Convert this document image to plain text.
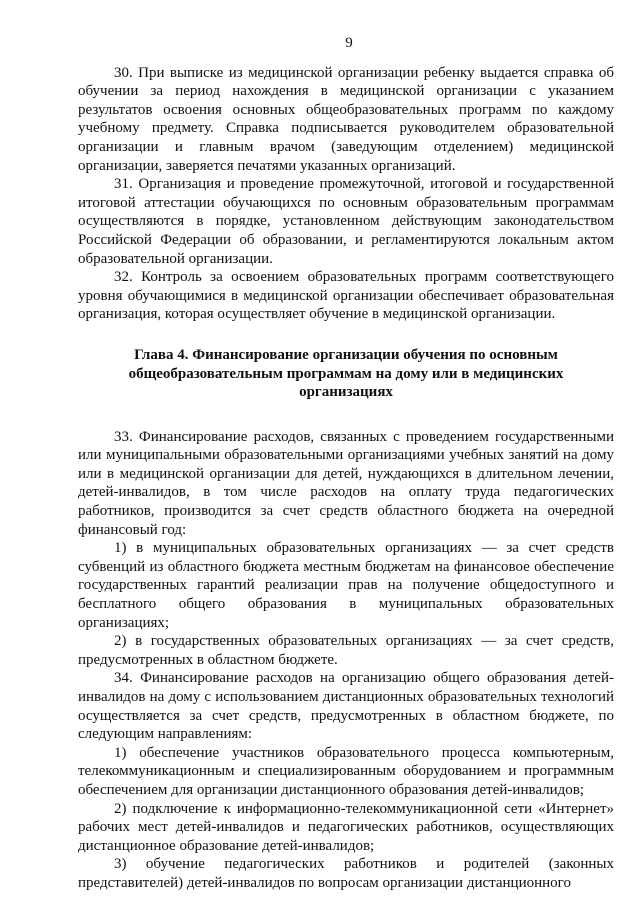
9

30. При выписке из медицинской организации ребенку выдается справка об обучении за период нахождения в медицинской организации с указанием результатов освоения основных общеобразовательных программ по каждому учебному предмету. Справка подписывается руководителем образовательной организации и главным врачом (заведующим отделением) медицинской организации, заверяется печатями указанных организаций.

31. Организация и проведение промежуточной, итоговой и государственной итоговой аттестации обучающихся по основным образовательным программам осуществляются в порядке, установленном действующим законодательством Российской Федерации об образовании, и регламентируются локальным актом образовательной организации.

32. Контроль за освоением образовательных программ соответствующего уровня обучающимися в медицинской организации обеспечивает образовательная организация, которая осуществляет обучение в медицинской организации.

Глава 4. Финансирование организации обучения по основным общеобразовательным программам на дому или в медицинских организациях

33. Финансирование расходов, связанных с проведением государственными или муниципальными образовательными организациями учебных занятий на дому или в медицинской организации для детей, нуждающихся в длительном лечении, детей-инвалидов, в том числе расходов на оплату труда педагогических работников, производится за счет средств областного бюджета на очередной финансовый год:

1) в муниципальных образовательных организациях — за счет средств субвенций из областного бюджета местным бюджетам на финансовое обеспечение государственных гарантий реализации прав на получение общедоступного и бесплатного общего образования в муниципальных образовательных организациях;

2) в государственных образовательных организациях — за счет средств, предусмотренных в областном бюджете.

34. Финансирование расходов на организацию общего образования детей-инвалидов на дому с использованием дистанционных образовательных технологий осуществляется за счет средств, предусмотренных в областном бюджете, по следующим направлениям:

1) обеспечение участников образовательного процесса компьютерным, телекоммуникационным и специализированным оборудованием и программным обеспечением для организации дистанционного образования детей-инвалидов;

2) подключение к информационно-телекоммуникационной сети «Интернет» рабочих мест детей-инвалидов и педагогических работников, осуществляющих дистанционное образование детей-инвалидов;

3) обучение педагогических работников и родителей (законных представителей) детей-инвалидов по вопросам организации дистанционного
